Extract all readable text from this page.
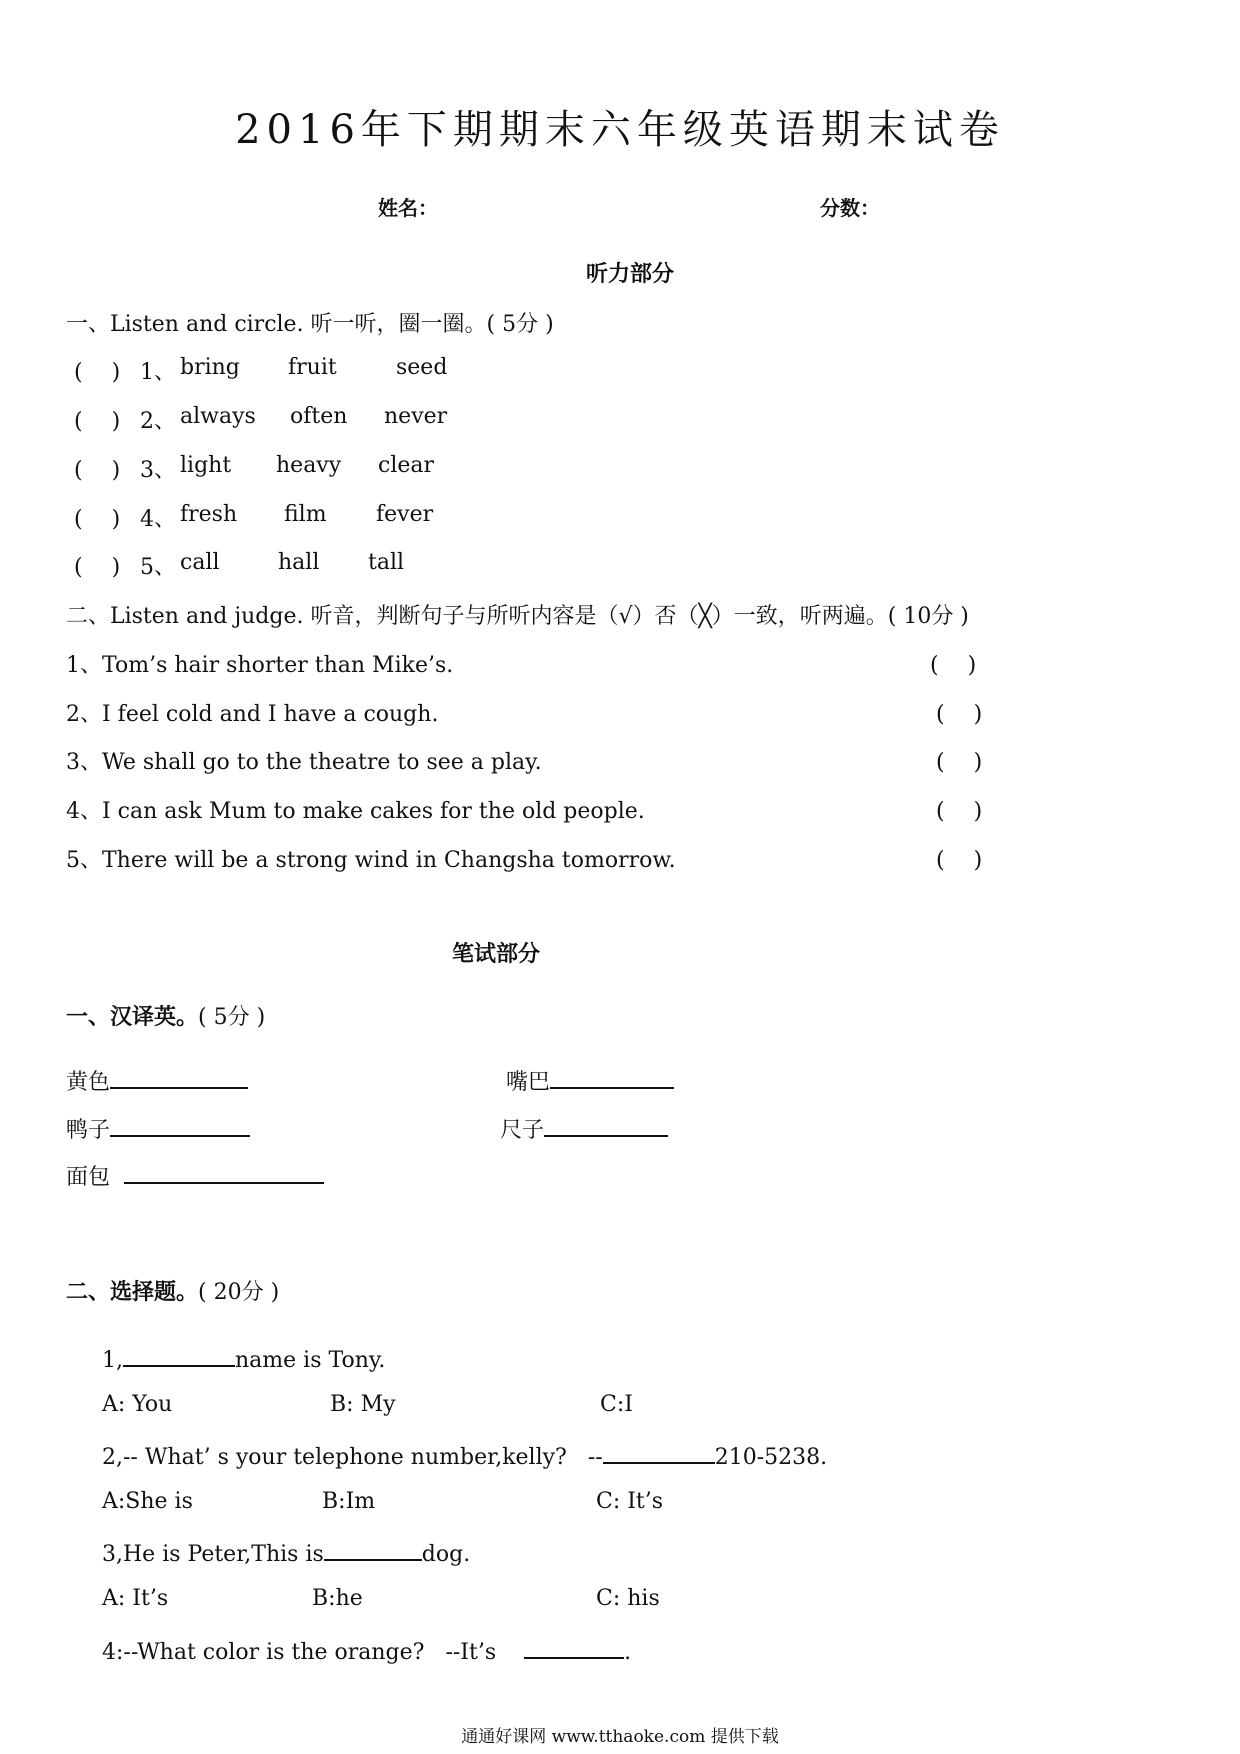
2016年下期期末六年级英语期末试卷
姓名：	分数：
听力部分
一、Listen and circle. 听一听，圈一圈。( 5分 )
(　 ) 1、 bring fruit	seed
(　 ) 2、 always often never
(　 ) 3、 light heavy clear
(　 ) 4、 fresh film fever
(　 ) 5、 call	hall tall
二、Listen and judge. 听音，判断句子与所听内容是（√）否（╳）一致，听两遍。( 10分 )
1、Tom’s hair shorter than Mike’s.	(　 )
2、I feel cold and I have a cough.	(　 )
3、We shall go to the theatre to see a play.	(　 )
4、I can ask Mum to make cakes for the old people.	(　 )
5、There will be a strong wind in Changsha tomorrow.	(　 )
笔试部分
一、汉译英。( 5分 )
黄色	嘴巴
鸭子	尺子
面包
二、选择题。( 20分 )
1,	name is Tony.
A: You	B: My	C:I
2,-- What’ s your telephone number,kelly? --	210-5238.
A:She is	B:Im	C: It’s
3,He is Peter,This is	dog.
A: It’s	B:he	C: his
4:--What color is the orange? --It’s	.
通通好课网 www.tthaoke.com 提供下载
